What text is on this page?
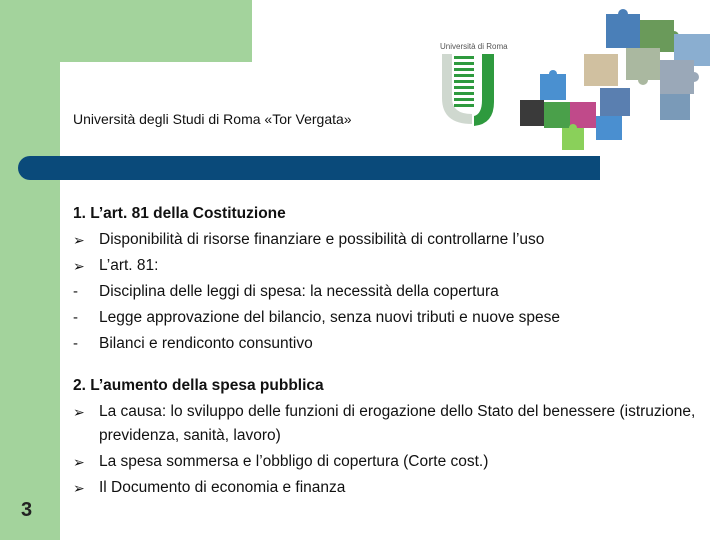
Università di Roma
Università degli Studi di Roma «Tor Vergata»
1. L’art. 81 della Costituzione
➢ Disponibilità di risorse finanziare e possibilità di controllarne l’uso
➢ L’art. 81:
-	Disciplina delle leggi di spesa: la necessità della copertura
-	Legge approvazione del bilancio, senza nuovi tributi e nuove spese
-	Bilanci e rendiconto consuntivo
2. L’aumento della spesa pubblica
➢ La causa: lo sviluppo delle funzioni di erogazione dello Stato del benessere (istruzione, previdenza, sanità, lavoro)
➢ La spesa sommersa e l’obbligo di copertura (Corte cost.)
➢ Il Documento di economia e finanza
3
